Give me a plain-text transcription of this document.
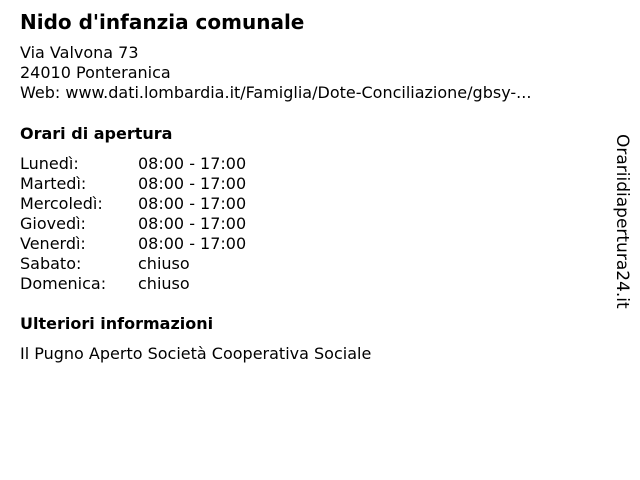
Nido d'infanzia comunale
Via Valvona 73
24010 Ponteranica
Web: www.dati.lombardia.it/Famiglia/Dote-Conciliazione/gbsy-...
Orari di apertura
Lunedì:	08:00 - 17:00
Martedì:	08:00 - 17:00
Mercoledì: 08:00 - 17:00
Giovedì:	08:00 - 17:00
Venerdì:	08:00 - 17:00
Sabato:	chiuso
Domenica: chiuso
Ulteriori informazioni
Il Pugno Aperto Società Cooperativa Sociale
Orariidiapertura24.it
